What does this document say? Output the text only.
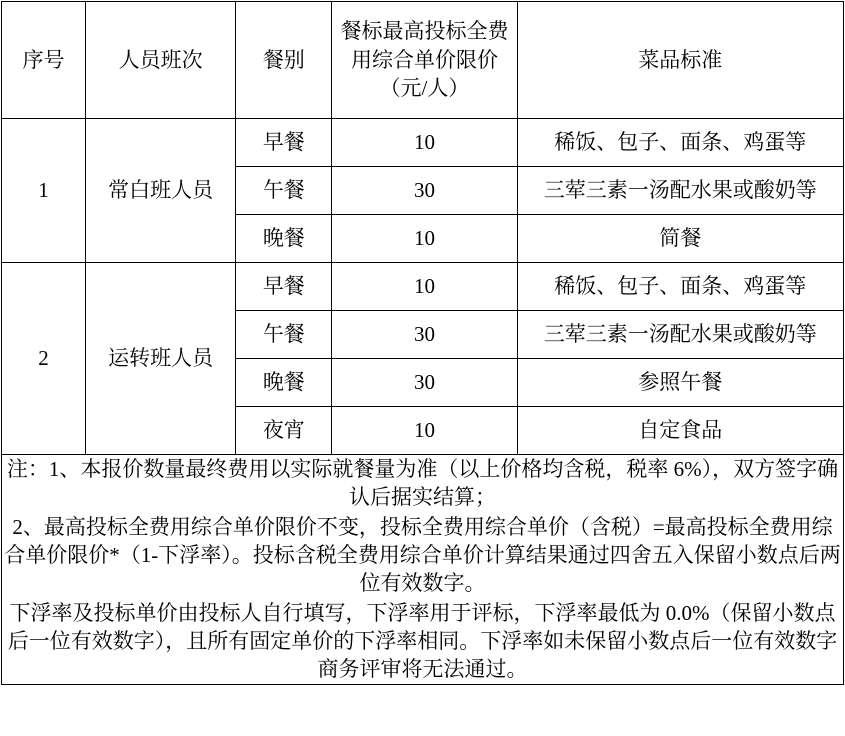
序号	人员班次	餐别	餐标最高投标全费用综合单价限价（元/人）	菜品标准
1	常白班人员	早餐	10	稀饭、包子、面条、鸡蛋等
		午餐	30	三荤三素一汤配水果或酸奶等
		晚餐	10	简餐
2	运转班人员	早餐	10	稀饭、包子、面条、鸡蛋等
		午餐	30	三荤三素一汤配水果或酸奶等
		晚餐	30	参照午餐
		夜宵	10	自定食品

注：1、本报价数量最终费用以实际就餐量为准（以上价格均含税，税率 6%），双方签字确认后据实结算；

2、最高投标全费用综合单价限价不变，投标全费用综合单价（含税）=最高投标全费用综合单价限价*（1-下浮率）。投标含税全费用综合单价计算结果通过四舍五入保留小数点后两位有效数字。

下浮率及投标单价由投标人自行填写，下浮率用于评标，下浮率最低为 0.0%（保留小数点后一位有效数字），且所有固定单价的下浮率相同。下浮率如未保留小数点后一位有效数字商务评审将无法通过。				
